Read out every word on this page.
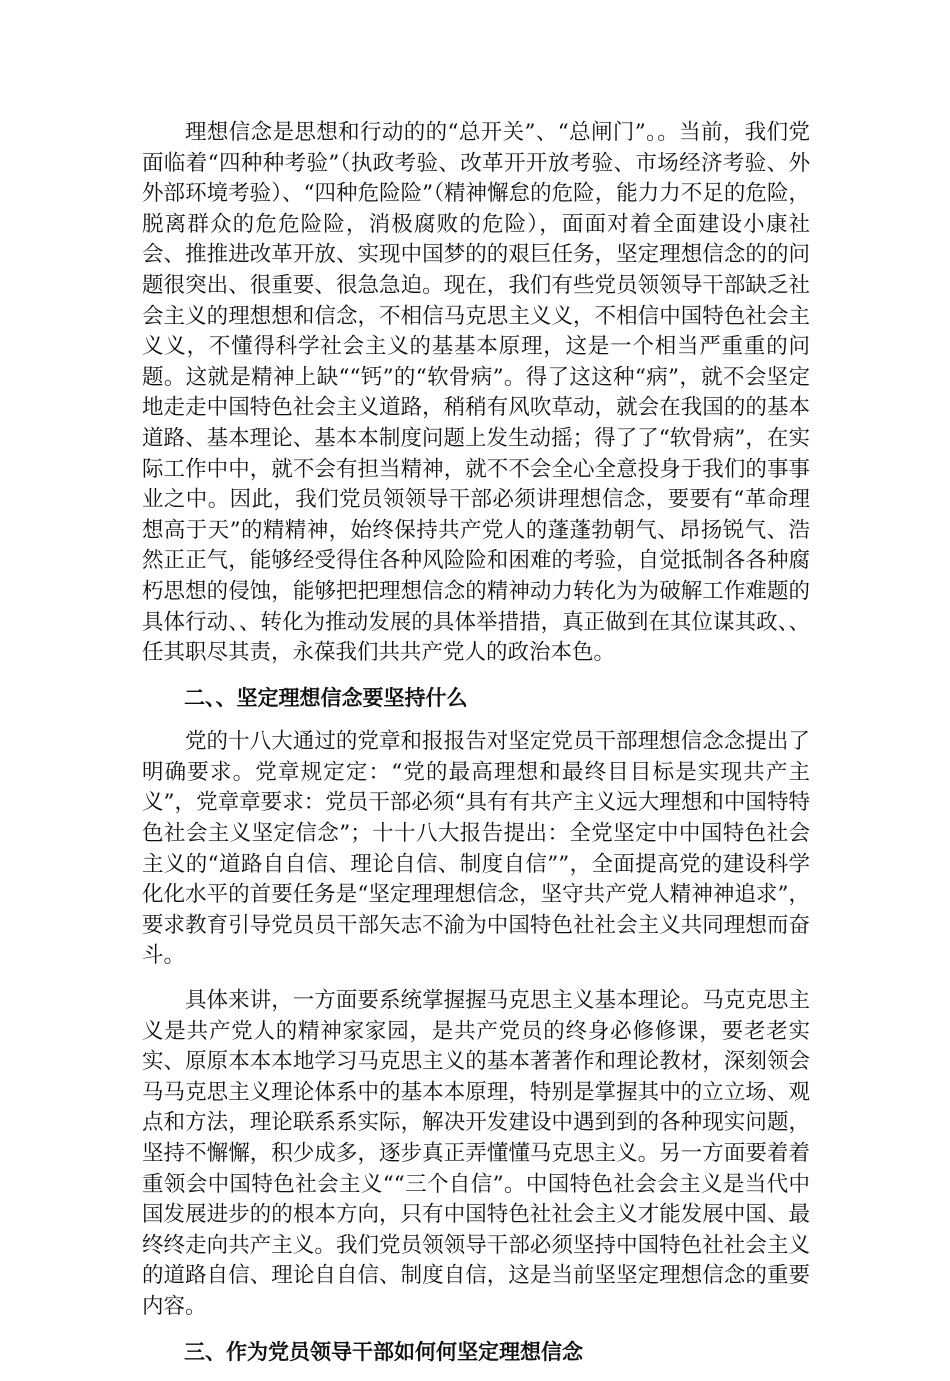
理想信念是思想和行动的的“总开关”、“总闸门”。。当前，我们党面临着“四种种考验”（执政考验、改革开开放考验、市场经济考验、外外部环境考验）、“四种危险险”（精神懈怠的危险，能力力不足的危险，脱离群众的危危险险，消极腐败的危险），面面对着全面建设小康社会、推推进改革开放、实现中国梦的的艰巨任务，坚定理想信念的的问题很突出、很重要、很急急迫。现在，我们有些党员领领导干部缺乏社会主义的理想想和信念，不相信马克思主义义，不相信中国特色社会主义义，不懂得科学社会主义的基基本原理，这是一个相当严重重的问题。这就是精神上缺““钙”的“软骨病”。得了这这种“病”，就不会坚定地走走中国特色社会主义道路，稍稍有风吹草动，就会在我国的的基本道路、基本理论、基本本制度问题上发生动摇；得了了“软骨病”，在实际工作中中，就不会有担当精神，就不不会全心全意投身于我们的事事业之中。因此，我们党员领领导干部必须讲理想信念，要要有“革命理想高于天”的精精神，始终保持共产党人的蓬蓬勃朝气、昂扬锐气、浩然正正气，能够经受得住各种风险险和困难的考验，自觉抵制各各种腐朽思想的侵蚀，能够把把理想信念的精神动力转化为为破解工作难题的具体行动、、转化为推动发展的具体举措措，真正做到在其位谋其政、、任其职尽其责，永葆我们共共产党人的政治本色。

二、、坚定理想信念要坚持什么

党的十八大通过的党章和报报告对坚定党员干部理想信念念提出了明确要求。党章规定定：“党的最高理想和最终目目标是实现共产主义”，党章章要求：党员干部必须“具有有共产主义远大理想和中国特特色社会主义坚定信念”；十十八大报告提出：全党坚定中中国特色社会主义的“道路自自信、理论自信、制度自信””，全面提高党的建设科学化化水平的首要任务是“坚定理理想信念，坚守共产党人精神神追求”，要求教育引导党员员干部矢志不渝为中国特色社社会主义共同理想而奋斗。

具体来讲，一方面要系统掌握握马克思主义基本理论。马克克思主义是共产党人的精神家家园，是共产党员的终身必修修课，要老老实实、原原本本本地学习马克思主义的基本著著作和理论教材，深刻领会马马克思主义理论体系中的基本本原理，特别是掌握其中的立立场、观点和方法，理论联系系实际，解决开发建设中遇到到的各种现实问题，坚持不懈懈，积少成多，逐步真正弄懂懂马克思主义。另一方面要着着重领会中国特色社会主义““三个自信”。中国特色社会会主义是当代中国发展进步的的根本方向，只有中国特色社社会主义才能发展中国、最终终走向共产主义。我们党员领领导干部必须坚持中国特色社社会主义的道路自信、理论自自信、制度自信，这是当前坚坚定理想信念的重要内容。

三、作为党员领导干部如何何坚定理想信念
